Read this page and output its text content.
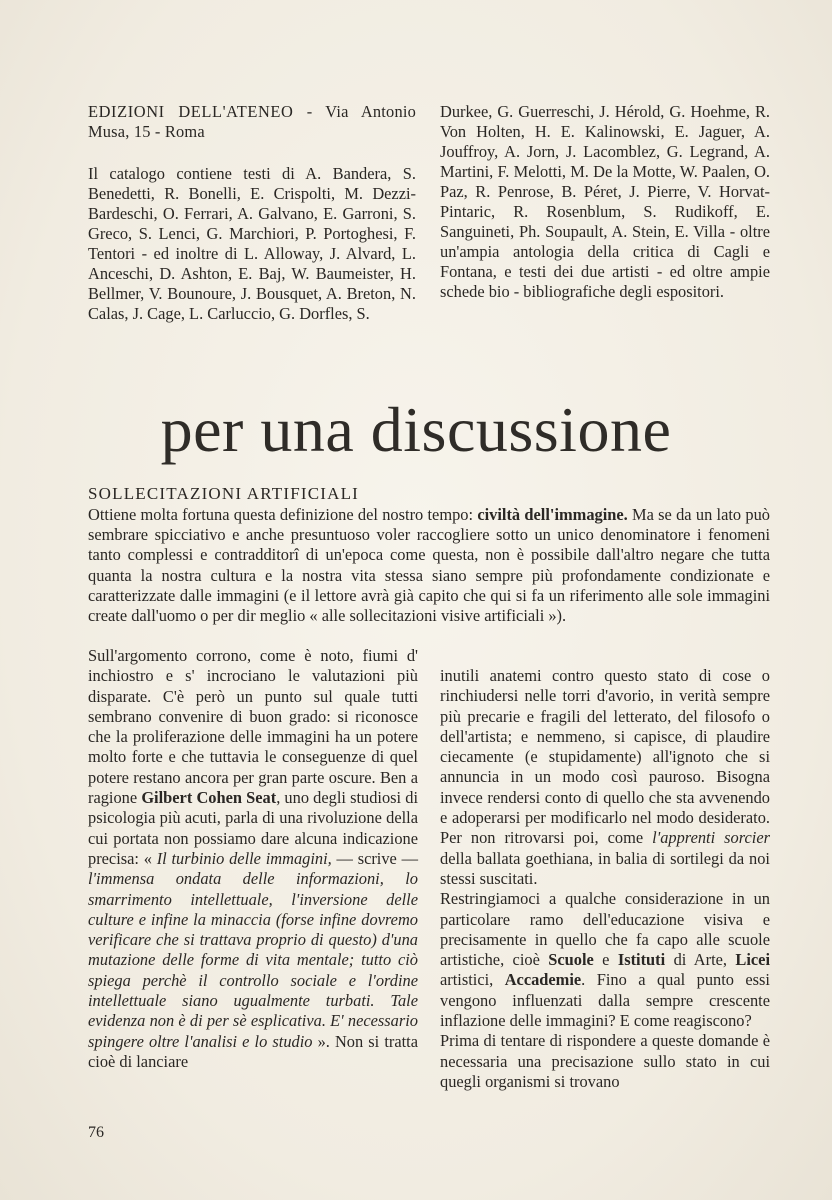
EDIZIONI DELL'ATENEO - Via Antonio Musa, 15 - Roma

Il catalogo contiene testi di A. Bandera, S. Benedetti, R. Bonelli, E. Crispolti, M. Dezzi-Bardeschi, O. Ferrari, A. Galvano, E. Garroni, S. Greco, S. Lenci, G. Marchiori, P. Portoghesi, F. Tentori - ed inoltre di L. Alloway, J. Alvard, L. Anceschi, D. Ashton, E. Baj, W. Baumeister, H. Bellmer, V. Bounoure, J. Bousquet, A. Breton, N. Calas, J. Cage, L. Carluccio, G. Dorfles, S.

Durkee, G. Guerreschi, J. Hérold, G. Hoehme, R. Von Holten, H. E. Kalinowski, E. Jaguer, A. Jouffroy, A. Jorn, J. Lacomblez, G. Legrand, A. Martini, F. Melotti, M. De la Motte, W. Paalen, O. Paz, R. Penrose, B. Péret, J. Pierre, V. Horvat-Pintaric, R. Rosenblum, S. Rudikoff, E. Sanguineti, Ph. Soupault, A. Stein, E. Villa - oltre un'ampia antologia della critica di Cagli e Fontana, e testi dei due artisti - ed oltre ampie schede bio - bibliografiche degli espositori.

per una discussione
SOLLECITAZIONI ARTIFICIALI

Ottiene molta fortuna questa definizione del nostro tempo: civiltà dell'immagine. Ma se da un lato può sembrare spicciativo e anche presuntuoso voler raccogliere sotto un unico denominatore i fenomeni tanto complessi e contradditorî di un'epoca come questa, non è possibile dall'altro negare che tutta quanta la nostra cultura e la nostra vita stessa siano sempre più profondamente condizionate e caratterizzate dalle immagini (e il lettore avrà già capito che qui si fa un riferimento alle sole immagini create dall'uomo o per dir meglio « alle sollecitazioni visive artificiali »).

Sull'argomento corrono, come è noto, fiumi d' inchiostro e s' incrociano le valutazioni più disparate. C'è però un punto sul quale tutti sembrano convenire di buon grado: si riconosce che la proliferazione delle immagini ha un potere molto forte e che tuttavia le conseguenze di quel potere restano ancora per gran parte oscure. Ben a ragione Gilbert Cohen Seat, uno degli studiosi di psicologia più acuti, parla di una rivoluzione della cui portata non possiamo dare alcuna indicazione precisa: « Il turbinio delle immagini, — scrive — l'immensa ondata delle informazioni, lo smarrimento intellettuale, l'inversione delle culture e infine la minaccia (forse infine dovremo verificare che si trattava proprio di questo) d'una mutazione delle forme di vita mentale; tutto ciò spiega perchè il controllo sociale e l'ordine intellettuale siano ugualmente turbati. Tale evidenza non è di per sè esplicativa. E' necessario spingere oltre l'analisi e lo studio ». Non si tratta cioè di lanciare

inutili anatemi contro questo stato di cose o rinchiudersi nelle torri d'avorio, in verità sempre più precarie e fragili del letterato, del filosofo o dell'artista; e nemmeno, si capisce, di plaudire ciecamente (e stupidamente) all'ignoto che si annuncia in un modo così pauroso. Bisogna invece rendersi conto di quello che sta avvenendo e adoperarsi per modificarlo nel modo desiderato. Per non ritrovarsi poi, come l'apprenti sorcier della ballata goethiana, in balia di sortilegi da noi stessi suscitati.

Restringiamoci a qualche considerazione in un particolare ramo dell'educazione visiva e precisamente in quello che fa capo alle scuole artistiche, cioè Scuole e Istituti di Arte, Licei artistici, Accademie. Fino a qual punto essi vengono influenzati dalla sempre crescente inflazione delle immagini? E come reagiscono?

Prima di tentare di rispondere a queste domande è necessaria una precisazione sullo stato in cui quegli organismi si trovano

76
